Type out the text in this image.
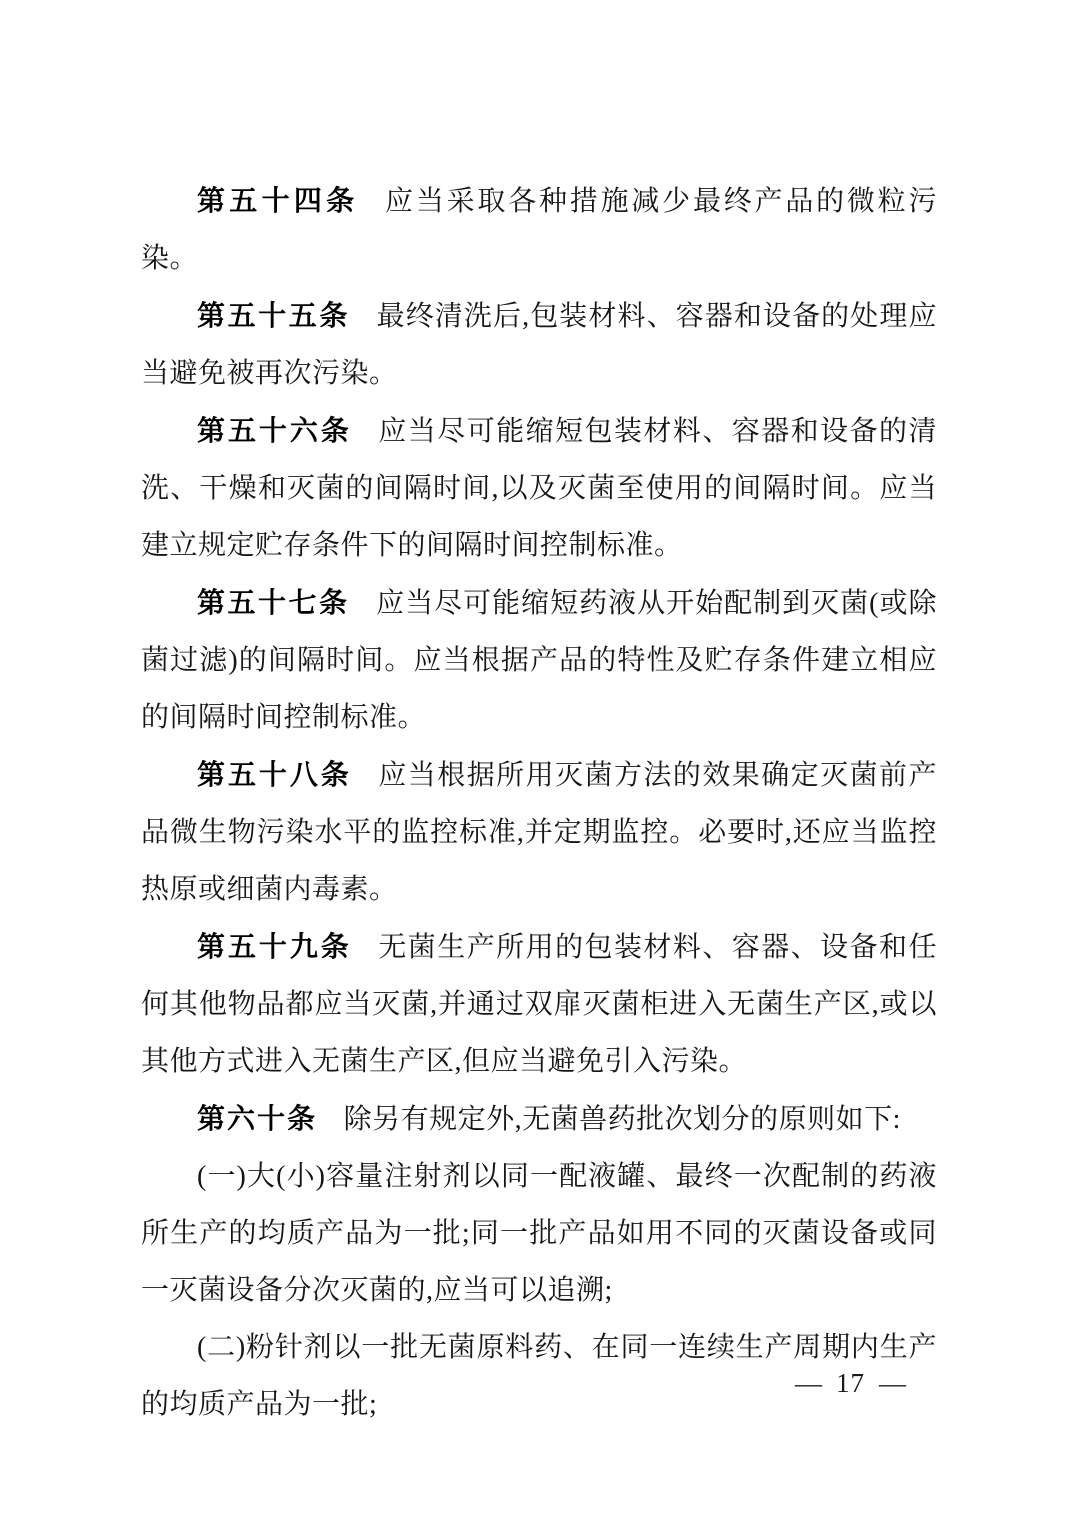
第五十四条 应当采取各种措施减少最终产品的微粒污染。

第五十五条 最终清洗后,包装材料、容器和设备的处理应当避免被再次污染。

第五十六条 应当尽可能缩短包装材料、容器和设备的清洗、干燥和灭菌的间隔时间,以及灭菌至使用的间隔时间。应当建立规定贮存条件下的间隔时间控制标准。

第五十七条 应当尽可能缩短药液从开始配制到灭菌(或除菌过滤)的间隔时间。应当根据产品的特性及贮存条件建立相应的间隔时间控制标准。

第五十八条 应当根据所用灭菌方法的效果确定灭菌前产品微生物污染水平的监控标准,并定期监控。必要时,还应当监控热原或细菌内毒素。

第五十九条 无菌生产所用的包装材料、容器、设备和任何其他物品都应当灭菌,并通过双扉灭菌柜进入无菌生产区,或以其他方式进入无菌生产区,但应当避免引入污染。

第六十条 除另有规定外,无菌兽药批次划分的原则如下:

(一)大(小)容量注射剂以同一配液罐、最终一次配制的药液所生产的均质产品为一批;同一批产品如用不同的灭菌设备或同一灭菌设备分次灭菌的,应当可以追溯;

(二)粉针剂以一批无菌原料药、在同一连续生产周期内生产的均质产品为一批;

— 17 —
